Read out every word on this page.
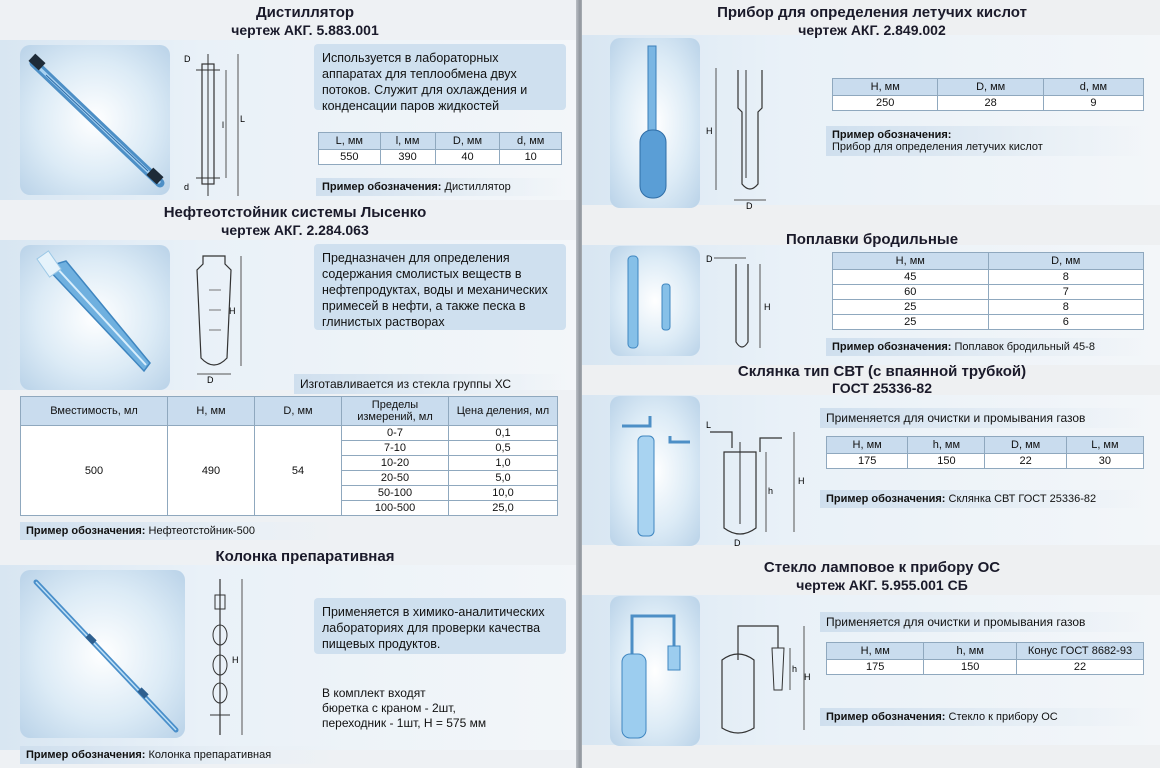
Дистиллятор
чертеж АКГ. 5.883.001
D
l
L
d
Используется в лабораторных аппаратах для теплообмена двух потоков. Служит для охлаждения и конденсации паров жидкостей
L, мм	l, мм	D, мм	d, мм
550	390	40	10
Пример обозначения: Дистиллятор
Нефтеотстойник системы Лысенко
чертеж АКГ. 2.284.063
H
D
Предназначен для определения содержания смолистых веществ в нефтепродуктах, воды и механических примесей в нефти, а также песка в глинистых растворах
Изготавливается из стекла группы ХС
Вместимость, мл	H, мм	D, мм	Пределы измерений, мл	Цена деления, мл
500	490	54	0-7	0,1
			7-10	0,5
			10-20	1,0
			20-50	5,0
			50-100	10,0
			100-500	25,0
Пример обозначения: Нефтеотстойник-500
Колонка препаративная
H
Применяется в химико-аналитических лабораториях для проверки качества пищевых продуктов.
В комплект входят
бюретка с краном - 2шт,
переходник - 1шт, H = 575 мм
Пример обозначения: Колонка препаративная
Прибор для определения летучих кислот
чертеж АКГ. 2.849.002
H
D
H, мм	D, мм	d, мм
250	28	9
Пример обозначения:
Прибор для определения летучих кислот
Поплавки бродильные
D
H
H, мм	D, мм
45	8
60	7
25	8
25	6
Пример обозначения: Поплавок бродильный 45-8
Склянка тип СВТ (с впаянной трубкой)
ГОСТ 25336-82
L
H
h
D
Применяется для очистки и промывания газов
H, мм	h, мм	D, мм	L, мм
175	150	22	30
Пример обозначения: Склянка СВТ ГОСТ 25336-82
Стекло ламповое к прибору ОС
чертеж АКГ. 5.955.001 СБ
h
H
Применяется для очистки и промывания газов
H, мм	h, мм	Конус ГОСТ 8682-93
175	150	22
Пример обозначения: Стекло к прибору ОС
